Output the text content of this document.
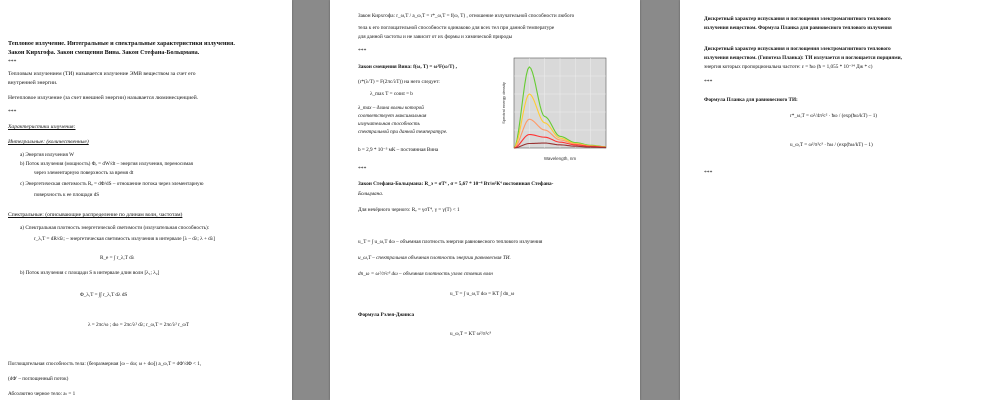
Тепловое излучение. Интегральные и спектральные характеристики излучения.
Закон Кирхгофа. Закон смещения Вина. Закон Стефана-Больцмана.
***
Тепловым излучением (ТИ) называется излучение ЭМВ веществом за счет его
внутренней энергии.
Нетепловое излучение (за счет внешней энергии) называется люминесценцией.
***
Характеристики излучения:
Интегральные: (количественные)
a) Энергия излучения W
b) Поток излучения (мощность) Φₑ = dW/dt – энергия излучения, переносимая
через элементарную поверхность за время dt
c) Энергетическая светимость Rₑ = dΦ/dS – отношение потока через элементарную
поверхность к ее площади dS
Спектральные: (описывающие распределение по длинам волн, частотам)
a) Спектральная плотность энергетической светимости (излучательная способность):
r_λ,T = dR/dλ; – энергетическая светимость излучения в интервале [λ – dλ; λ + dλ]
R_e = ∫ r_λ,T dλ
b) Поток излучения с площади S в интервале длин волн [λ₁; λ₂]
Φ_λ,T = ∫∫ r_λ,T dλ dS
λ = 2πc/ω ; dω = 2πc/λ² dλ; r_ω,T = 2πc/λ² r_ωT
Поглощательная способность тела: (безразмерная [ω – dω; ω + dω]) a_ω,T = dΦ'/dΦ < 1,
(dΦ' – поглощенный поток)
Абсолютно черное тело: aₜ = 1
Закон Кирхгофа: r_ω,T / a_ω,T = r*_ω,T = f(ω, T) , отношение излучательной способности любого
тела к его поглощательной способности одинаково для всех тел при данной температуре
для данной частоты и не зависит от их формы и химической природы
***
Закон смещения Вина: f(ω, T) = ω³F(ω/T) ,
(r*(λ/T) = F(2πc/λT)) на него следует:
λ_max T = const = b
λ_max – длина волны которой
соответствует максимальная
излучательная способность
спектральной при данной температуре.
b = 2,9 * 10⁻³ мК – постоянная Вина
Wavelength, nm
Spectral energy density
***
Закон Стефана-Больцмана: R_э = σT⁴ , σ = 5,67 * 10⁻⁸ Вт/м²К⁴ постоянная Стефана-
Больцмана.
Для нечёрного черного: Rₑ = γσT⁴, γ = γ(T) < 1
u_T = ∫ u_ω,T dω – объемная плотность энергии равновесного теплового излучения
u_ω,T – спектральная объемная плотность энергии равновесная ТИ.
dn_ω = ω²/π²c³ dω – объемная плотность узлов стоячих волн
u_T = ∫ u_ω,T dω = KT ∫ dn_ω
Формула Рэлея-Джинса
u_ω,T = KT ω²/π²c³
Дискретный характер испускания и поглощения электромагнитного теплового
излучения веществом. Формула Планка для равновесного теплового излучения
Дискретный характер испускания и поглощения электромагнитного теплового
излучения веществом. (Гипотеза Планка): ТИ излучается и поглощается порциями,
энергия которых пропорциональна частоте: ε = ħω (ħ = 1,055 * 10⁻³⁴ Дж * с)
***
Формула Планка для равновесного ТИ:
r*_ω,T = ω²/4π²c² · ħω / (exp(ħω/kT) – 1)
u_ω,T = ω²/π²c³ · ħω / (exp(ħω/kT) – 1)
***
